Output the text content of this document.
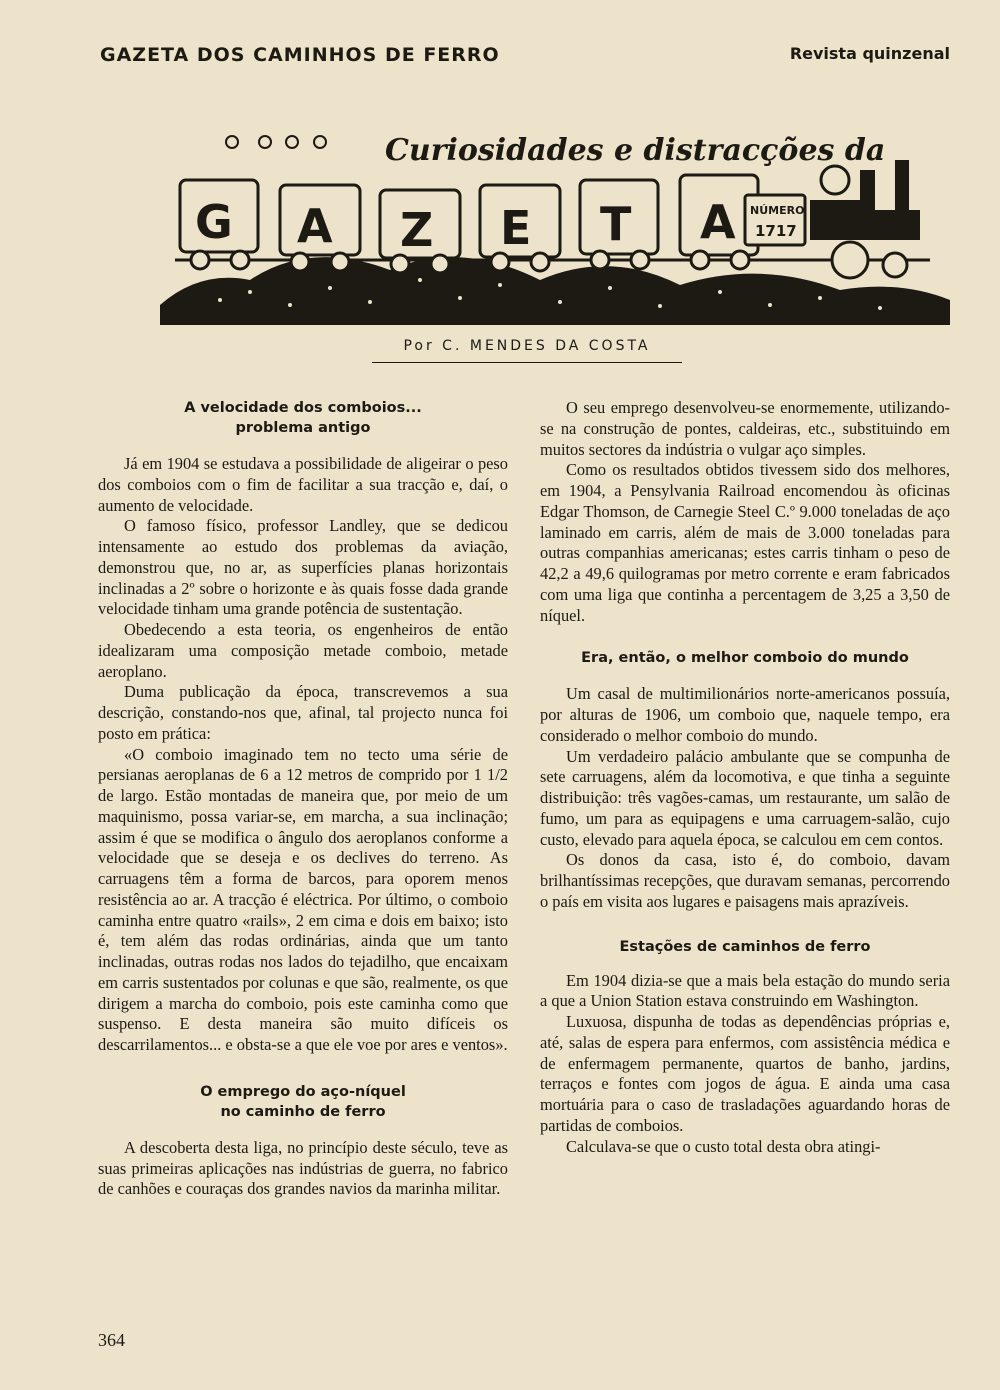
GAZETA DOS CAMINHOS DE FERRO	Revista quinzenal
Curiosidades e distracções da
G A Z E T A NÚMERO
1717
Por C. MENDES DA COSTA
A velocidade dos comboios...
problema antigo

Já em 1904 se estudava a possibilidade de aligeirar o peso dos comboios com o fim de facilitar a sua tracção e, daí, o aumento de velocidade.

O famoso físico, professor Landley, que se dedicou intensamente ao estudo dos problemas da aviação, demonstrou que, no ar, as superfícies planas horizontais inclinadas a 2º sobre o horizonte e às quais fosse dada grande velocidade tinham uma grande potência de sustentação.

Obedecendo a esta teoria, os engenheiros de então idealizaram uma composição metade comboio, metade aeroplano.

Duma publicação da época, transcrevemos a sua descrição, constando-nos que, afinal, tal projecto nunca foi posto em prática:

«O comboio imaginado tem no tecto uma série de persianas aeroplanas de 6 a 12 metros de comprido por 1 1/2 de largo. Estão montadas de maneira que, por meio de um maquinismo, possa variar-se, em marcha, a sua inclinação; assim é que se modifica o ângulo dos aeroplanos conforme a velocidade que se deseja e os declives do terreno. As carruagens têm a forma de barcos, para oporem menos resistência ao ar. A tracção é eléctrica. Por último, o comboio caminha entre quatro «rails», 2 em cima e dois em baixo; isto é, tem além das rodas ordinárias, ainda que um tanto inclinadas, outras rodas nos lados do tejadilho, que encaixam em carris sustentados por colunas e que são, realmente, os que dirigem a marcha do comboio, pois este caminha como que suspenso. E desta maneira são muito difíceis os descarrilamentos... e obsta-se a que ele voe por ares e ventos».

O emprego do aço-níquel
no caminho de ferro

A descoberta desta liga, no princípio deste século, teve as suas primeiras aplicações nas indústrias de guerra, no fabrico de canhões e couraças dos grandes navios da marinha militar.

O seu emprego desenvolveu-se enormemente, utilizando-se na construção de pontes, caldeiras, etc., substituindo em muitos sectores da indústria o vulgar aço simples.

Como os resultados obtidos tivessem sido dos melhores, em 1904, a Pensylvania Railroad encomendou às oficinas Edgar Thomson, de Carnegie Steel C.º 9.000 toneladas de aço laminado em carris, além de mais de 3.000 toneladas para outras companhias americanas; estes carris tinham o peso de 42,2 a 49,6 quilogramas por metro corrente e eram fabricados com uma liga que continha a percentagem de 3,25 a 3,50 de níquel.

Era, então, o melhor comboio do mundo

Um casal de multimilionários norte-americanos possuía, por alturas de 1906, um comboio que, naquele tempo, era considerado o melhor comboio do mundo.

Um verdadeiro palácio ambulante que se compunha de sete carruagens, além da locomotiva, e que tinha a seguinte distribuição: três vagões-camas, um restaurante, um salão de fumo, um para as equipagens e uma carruagem-salão, cujo custo, elevado para aquela época, se calculou em cem contos.

Os donos da casa, isto é, do comboio, davam brilhantíssimas recepções, que duravam semanas, percorrendo o país em visita aos lugares e paisagens mais aprazíveis.

Estações de caminhos de ferro

Em 1904 dizia-se que a mais bela estação do mundo seria a que a Union Station estava construindo em Washington.

Luxuosa, dispunha de todas as dependências próprias e, até, salas de espera para enfermos, com assistência médica e de enfermagem permanente, quartos de banho, jardins, terraços e fontes com jogos de água. E ainda uma casa mortuária para o caso de trasladações aguardando horas de partidas de comboios.

Calculava-se que o custo total desta obra atingi-

364
